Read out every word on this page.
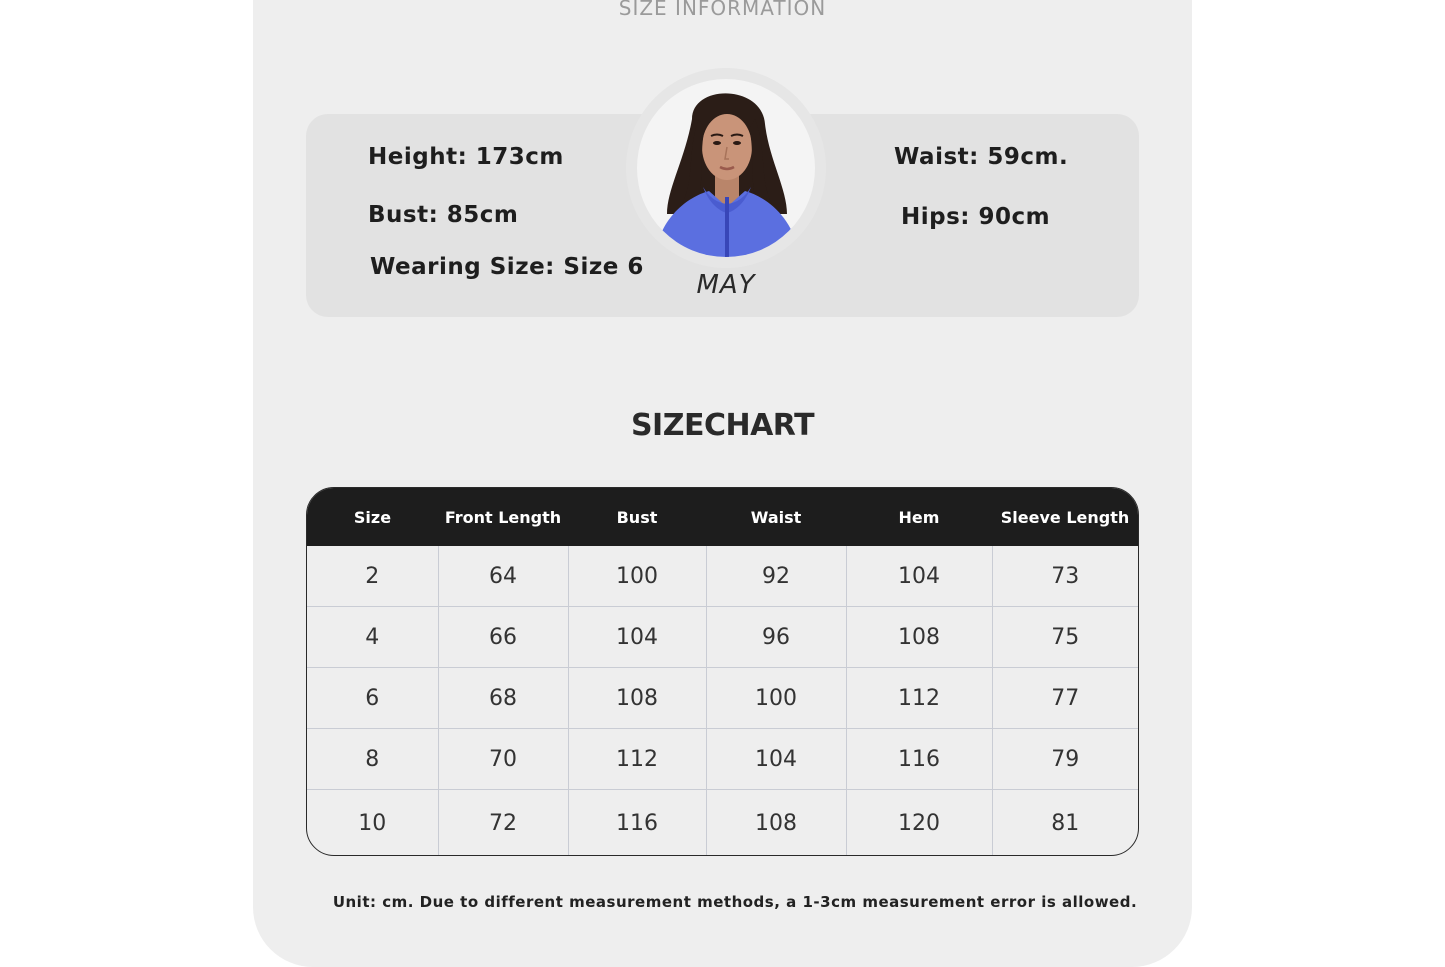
SIZE INFORMATION
Height: 173cm
Bust: 85cm
Wearing Size: Size 6
Waist: 59cm.
Hips: 90cm
MAY
SIZECHART
Size	Front Length	Bust	Waist	Hem	Sleeve Length
2	64	100	92	104	73
4	66	104	96	108	75
6	68	108	100	112	77
8	70	112	104	116	79
10	72	116	108	120	81
Unit: cm. Due to different measurement methods, a 1-3cm measurement error is allowed.
